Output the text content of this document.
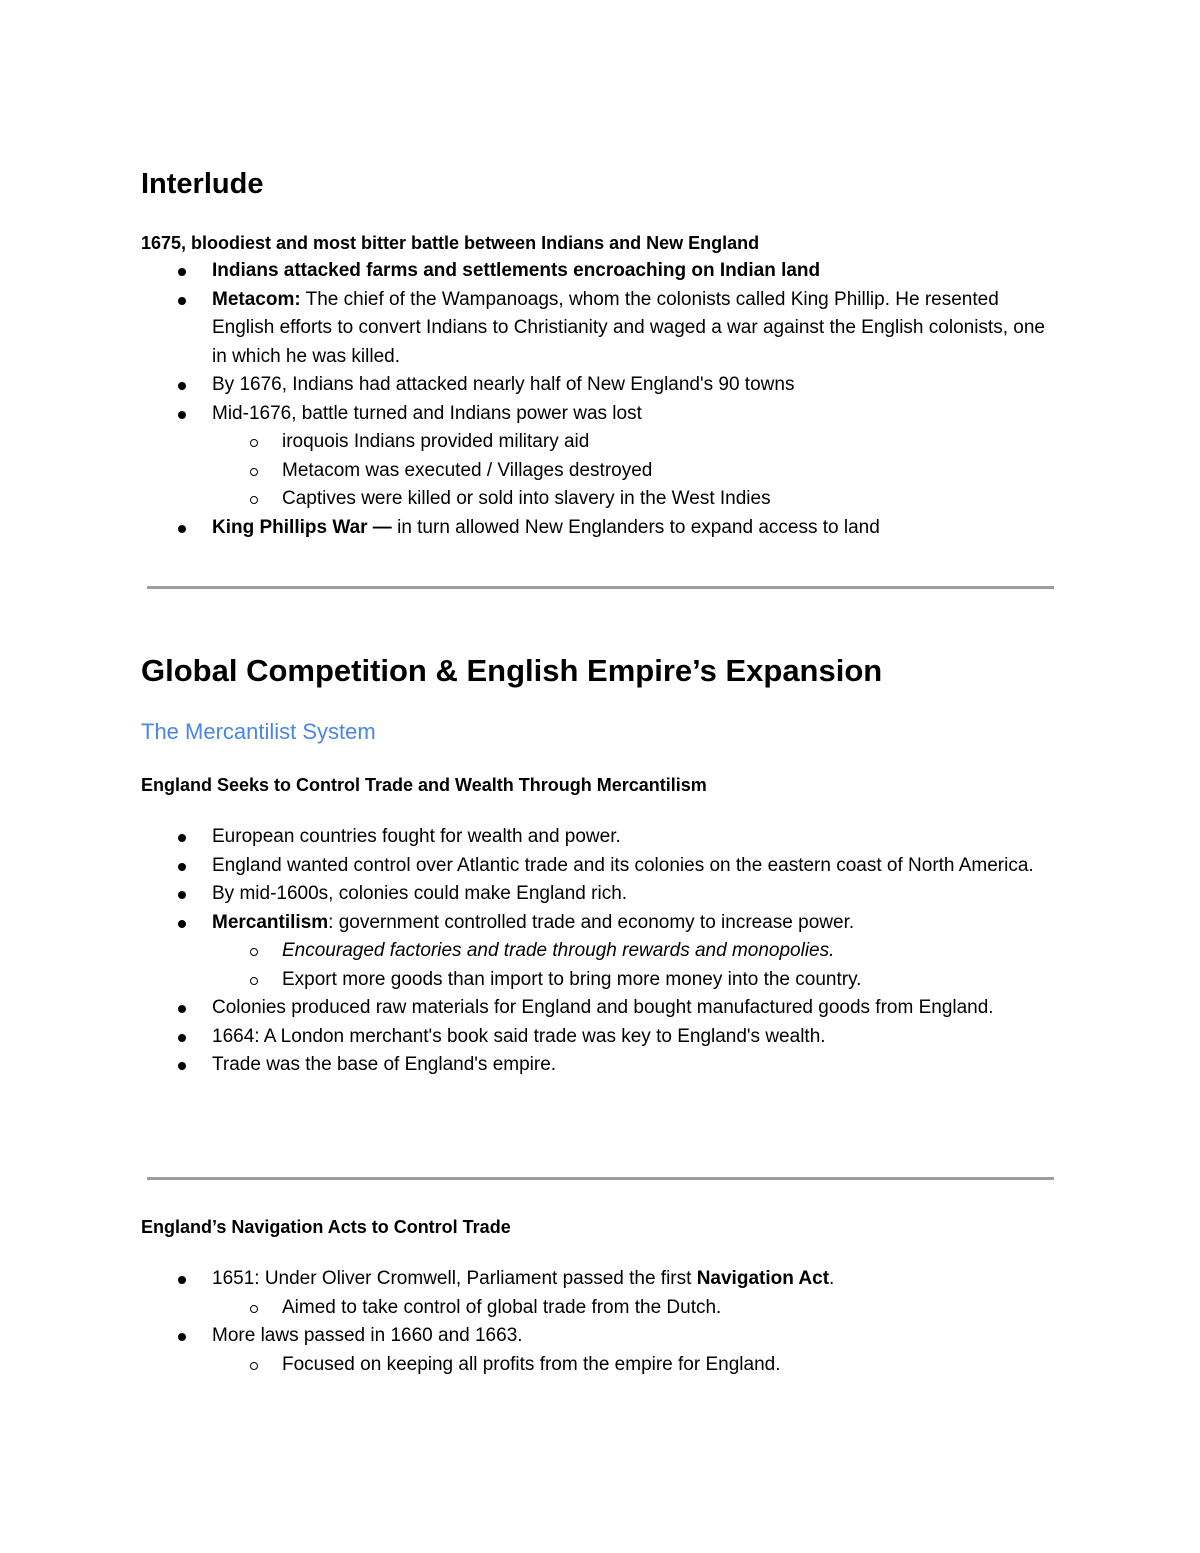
Interlude

1675, bloodiest and most bitter battle between Indians and New England

Indians attacked farms and settlements encroaching on Indian land
Metacom: The chief of the Wampanoags, whom the colonists called King Phillip. He resented English efforts to convert Indians to Christianity and waged a war against the English colonists, one in which he was killed.
By 1676, Indians had attacked nearly half of New England's 90 towns
Mid-1676, battle turned and Indians power was lost
iroquois Indians provided military aid
Metacom was executed / Villages destroyed
Captives were killed or sold into slavery in the West Indies
King Phillips War — in turn allowed New Englanders to expand access to land
Global Competition & English Empire’s Expansion
The Mercantilist System
England Seeks to Control Trade and Wealth Through Mercantilism
European countries fought for wealth and power.
England wanted control over Atlantic trade and its colonies on the eastern coast of North America.
By mid-1600s, colonies could make England rich.
Mercantilism: government controlled trade and economy to increase power.
Encouraged factories and trade through rewards and monopolies.
Export more goods than import to bring more money into the country.
Colonies produced raw materials for England and bought manufactured goods from England.
1664: A London merchant's book said trade was key to England's wealth.
Trade was the base of England's empire.
England’s Navigation Acts to Control Trade
1651: Under Oliver Cromwell, Parliament passed the first Navigation Act.
Aimed to take control of global trade from the Dutch.
More laws passed in 1660 and 1663.
Focused on keeping all profits from the empire for England.
